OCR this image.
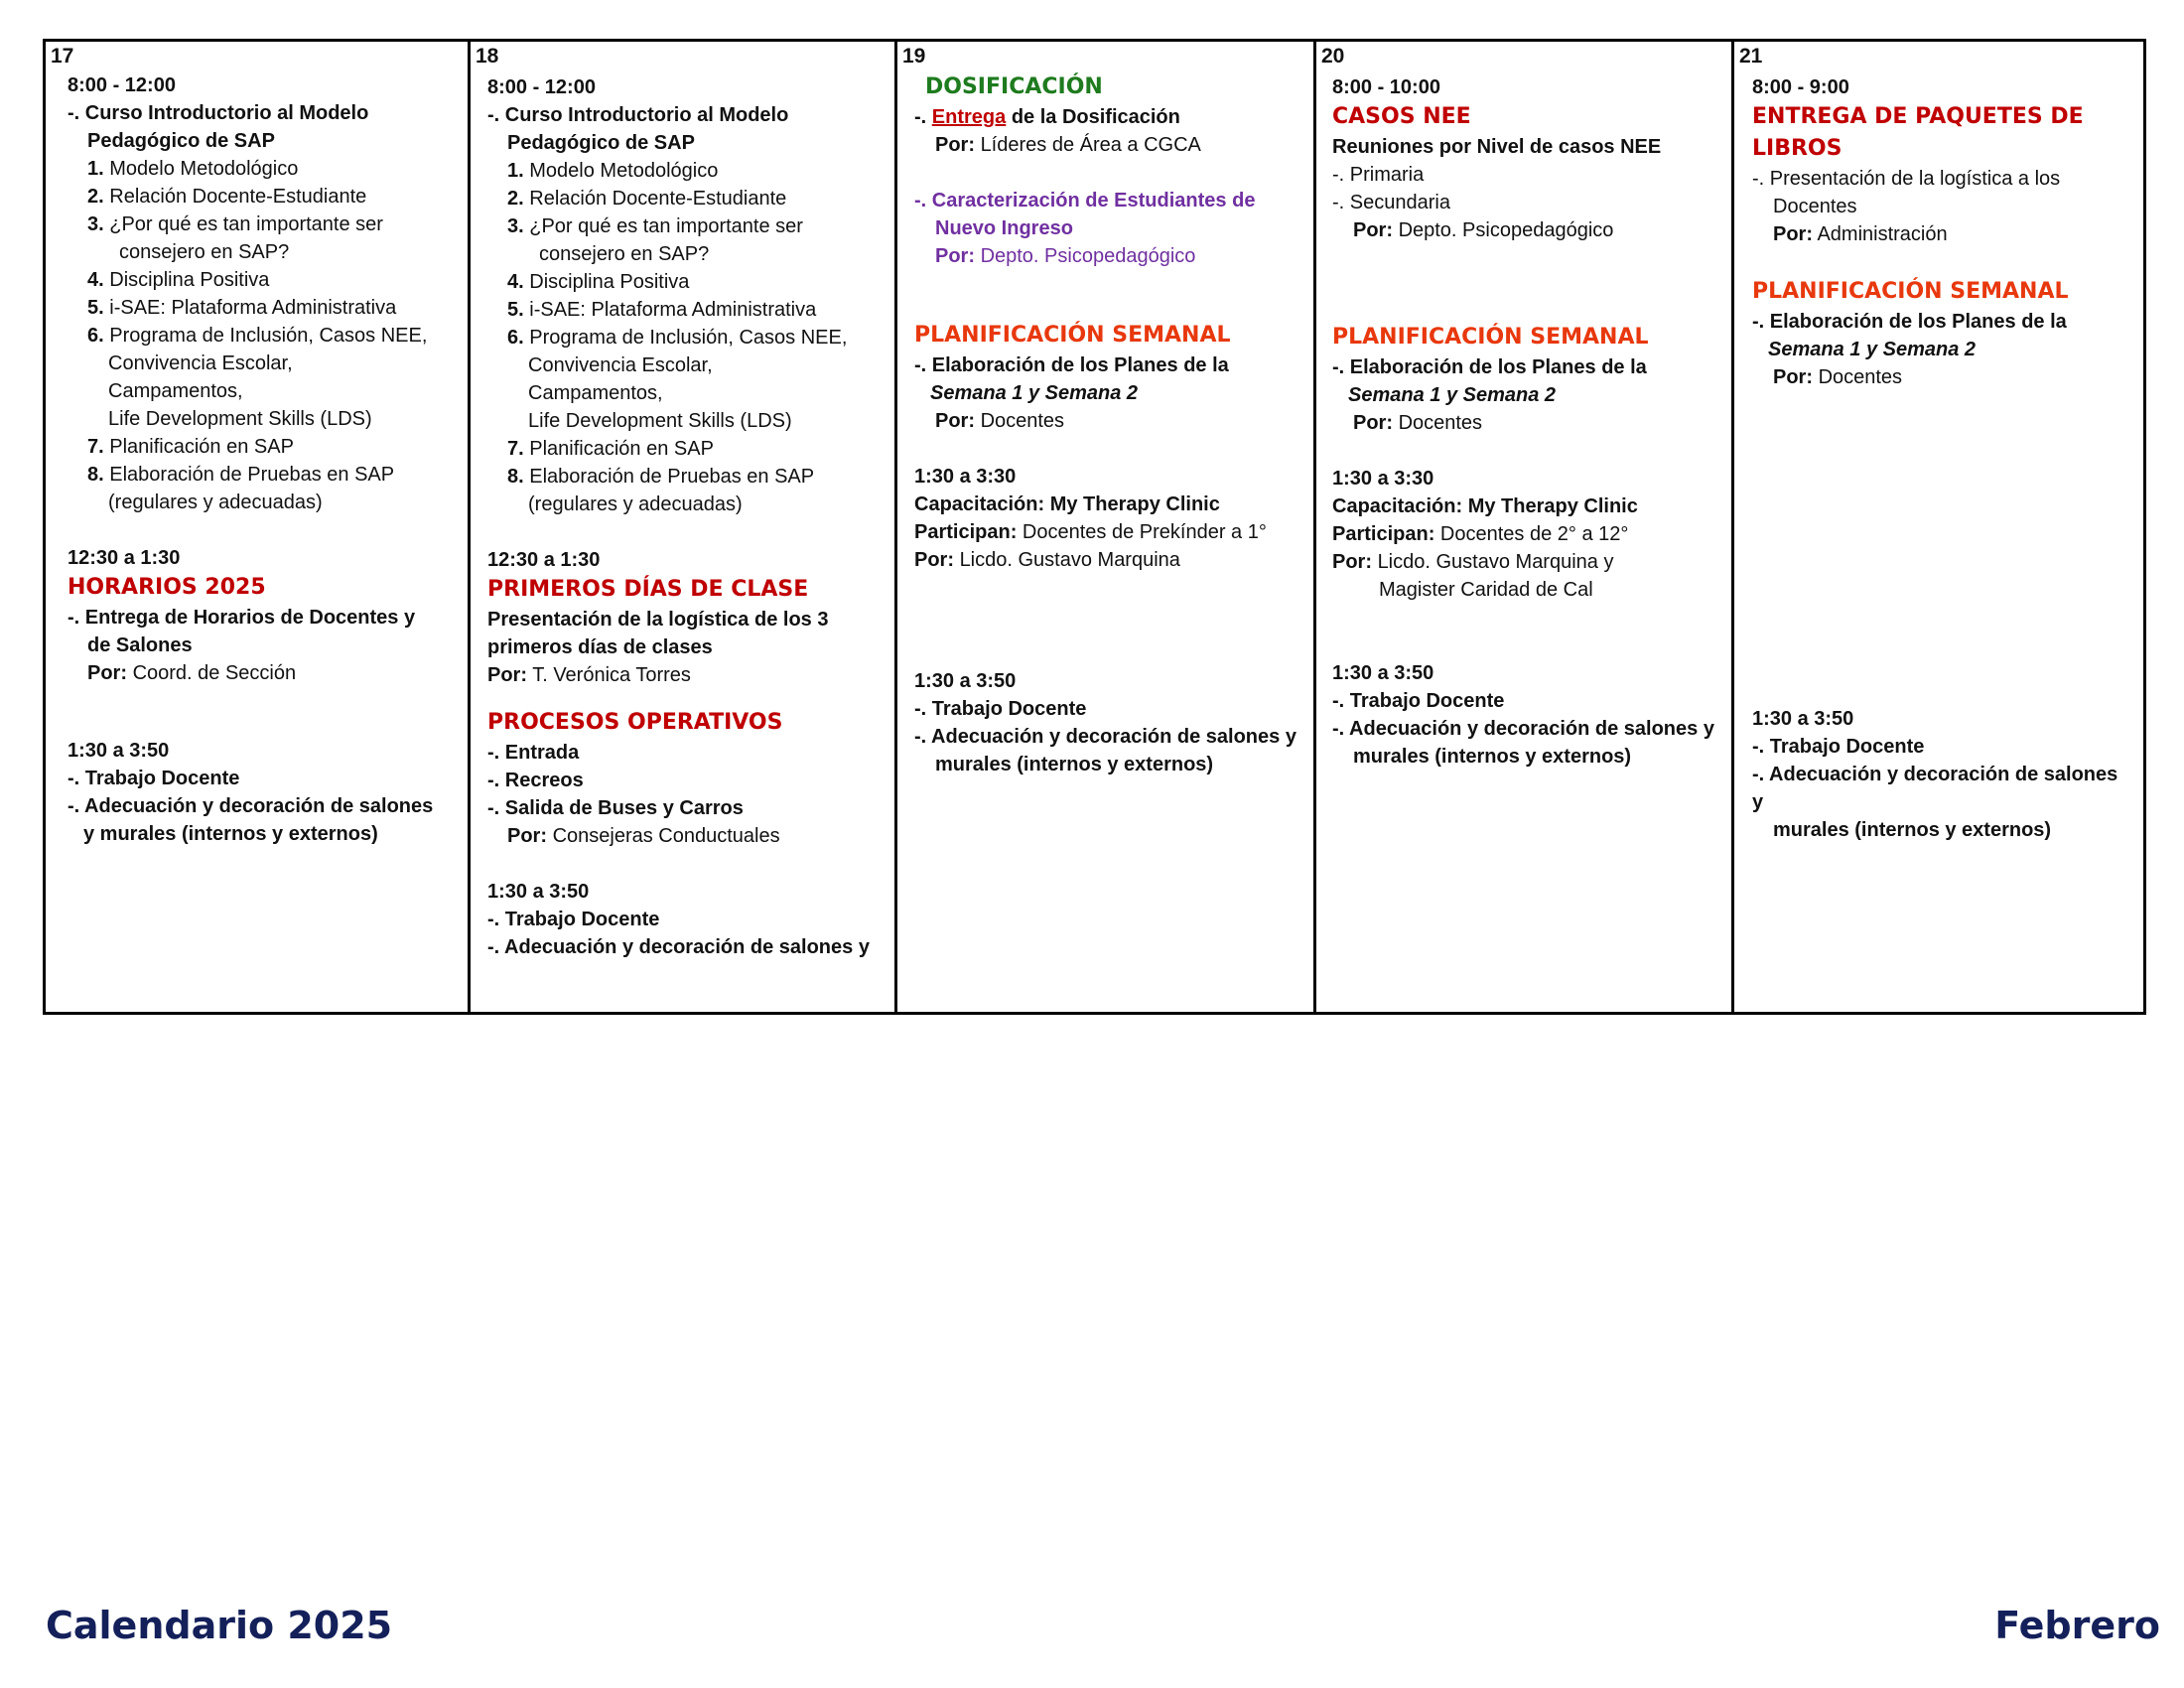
17

8:00 - 12:00

-. Curso Introductorio al Modelo

Pedagógico de SAP

1. Modelo Metodológico

2. Relación Docente-Estudiante

3. ¿Por qué es tan importante ser

consejero en SAP?

4. Disciplina Positiva

5. i-SAE: Plataforma Administrativa

6. Programa de Inclusión, Casos NEE,

Convivencia Escolar,

Campamentos,

Life Development Skills (LDS)

7. Planificación en SAP

8. Elaboración de Pruebas en SAP

(regulares y adecuadas)

12:30 a 1:30

HORARIOS 2025

-. Entrega de Horarios de Docentes y

de Salones

Por: Coord. de Sección

1:30 a 3:50

-. Trabajo Docente

-. Adecuación y decoración de salones

y murales (internos y externos)

18

8:00 - 12:00

-. Curso Introductorio al Modelo

Pedagógico de SAP

1. Modelo Metodológico

2. Relación Docente-Estudiante

3. ¿Por qué es tan importante ser

consejero en SAP?

4. Disciplina Positiva

5. i-SAE: Plataforma Administrativa

6. Programa de Inclusión, Casos NEE,

Convivencia Escolar,

Campamentos,

Life Development Skills (LDS)

7. Planificación en SAP

8. Elaboración de Pruebas en SAP

(regulares y adecuadas)

12:30 a 1:30

PRIMEROS DÍAS DE CLASE

Presentación de la logística de los 3

primeros días de clases

Por: T. Verónica Torres

PROCESOS OPERATIVOS

-. Entrada

-. Recreos

-. Salida de Buses y Carros

Por: Consejeras Conductuales

1:30 a 3:50

-. Trabajo Docente

-. Adecuación y decoración de salones y

19

DOSIFICACIÓN

-. Entrega de la Dosificación

Por: Líderes de Área a CGCA

-. Caracterización de Estudiantes de

Nuevo Ingreso

Por: Depto. Psicopedagógico

PLANIFICACIÓN SEMANAL

-. Elaboración de los Planes de la

Semana 1 y Semana 2

Por: Docentes

1:30 a 3:30

Capacitación: My Therapy Clinic

Participan: Docentes de Prekínder a 1°

Por: Licdo. Gustavo Marquina

1:30 a 3:50

-. Trabajo Docente

-. Adecuación y decoración de salones y

murales (internos y externos)

20

8:00 - 10:00

CASOS NEE

Reuniones por Nivel de casos NEE

-. Primaria

-. Secundaria

Por: Depto. Psicopedagógico

PLANIFICACIÓN SEMANAL

-. Elaboración de los Planes de la

Semana 1 y Semana 2

Por: Docentes

1:30 a 3:30

Capacitación: My Therapy Clinic

Participan: Docentes de 2° a 12°

Por: Licdo. Gustavo Marquina y

Magister Caridad de Cal

1:30 a 3:50

-. Trabajo Docente

-. Adecuación y decoración de salones y

murales (internos y externos)

21

8:00 - 9:00

ENTREGA DE PAQUETES DE

LIBROS

-. Presentación de la logística a los

Docentes

Por: Administración

PLANIFICACIÓN SEMANAL

-. Elaboración de los Planes de la

Semana 1 y Semana 2

Por: Docentes

1:30 a 3:50

-. Trabajo Docente

-. Adecuación y decoración de salones

y

murales (internos y externos)

Calendario 2025	Febrero
